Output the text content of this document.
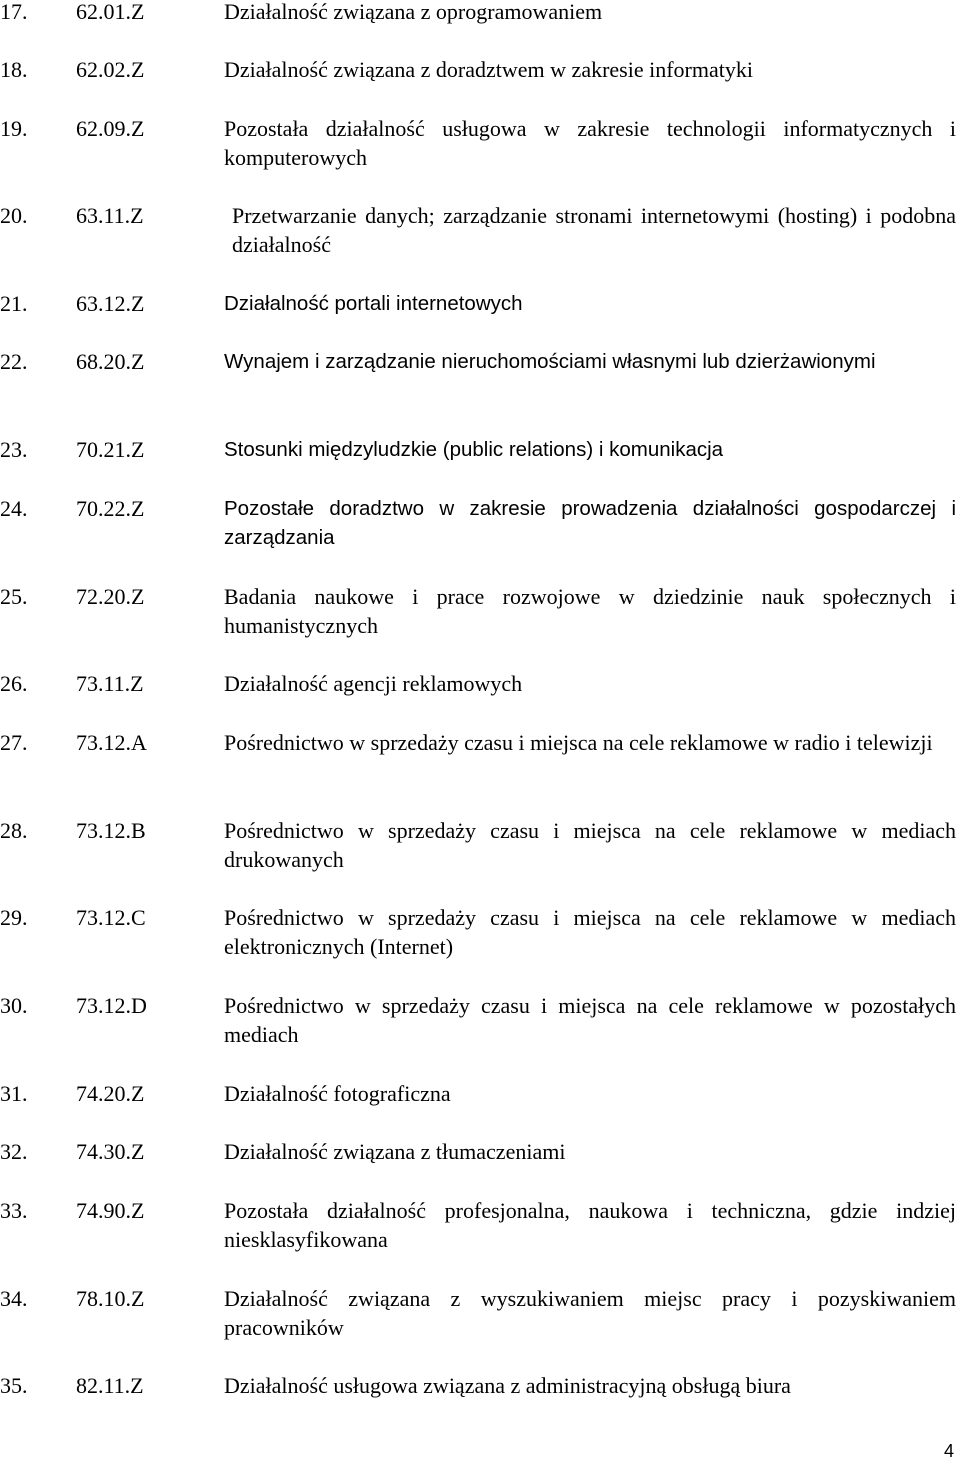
17. 62.01.Z	Działalność związana z oprogramowaniem
18. 62.02.Z	Działalność związana z doradztwem w zakresie informatyki
19. 62.09.Z	Pozostała działalność usługowa w zakresie technologii informatycznych i komputerowych
20. 63.11.Z	Przetwarzanie danych; zarządzanie stronami internetowymi (hosting) i podobna działalność
21. 63.12.Z	Działalność portali internetowych
22. 68.20.Z	Wynajem i zarządzanie nieruchomościami własnymi lub dzierżawionymi
23. 70.21.Z	Stosunki międzyludzkie (public relations) i komunikacja
24. 70.22.Z	Pozostałe doradztwo w zakresie prowadzenia działalności gospodarczej i zarządzania
25. 72.20.Z	Badania naukowe i prace rozwojowe w dziedzinie nauk społecznych i humanistycznych
26. 73.11.Z	Działalność agencji reklamowych
27. 73.12.A	Pośrednictwo w sprzedaży czasu i miejsca na cele reklamowe w radio i telewizji
28. 73.12.B	Pośrednictwo w sprzedaży czasu i miejsca na cele reklamowe w mediach drukowanych
29. 73.12.C	Pośrednictwo w sprzedaży czasu i miejsca na cele reklamowe w mediach elektronicznych (Internet)
30. 73.12.D	Pośrednictwo w sprzedaży czasu i miejsca na cele reklamowe w pozostałych mediach
31. 74.20.Z	Działalność fotograficzna
32. 74.30.Z	Działalność związana z tłumaczeniami
33. 74.90.Z	Pozostała działalność profesjonalna, naukowa i techniczna, gdzie indziej niesklasyfikowana
34. 78.10.Z	Działalność związana z wyszukiwaniem miejsc pracy i pozyskiwaniem pracowników
35. 82.11.Z	Działalność usługowa związana z administracyjną obsługą biura
4
